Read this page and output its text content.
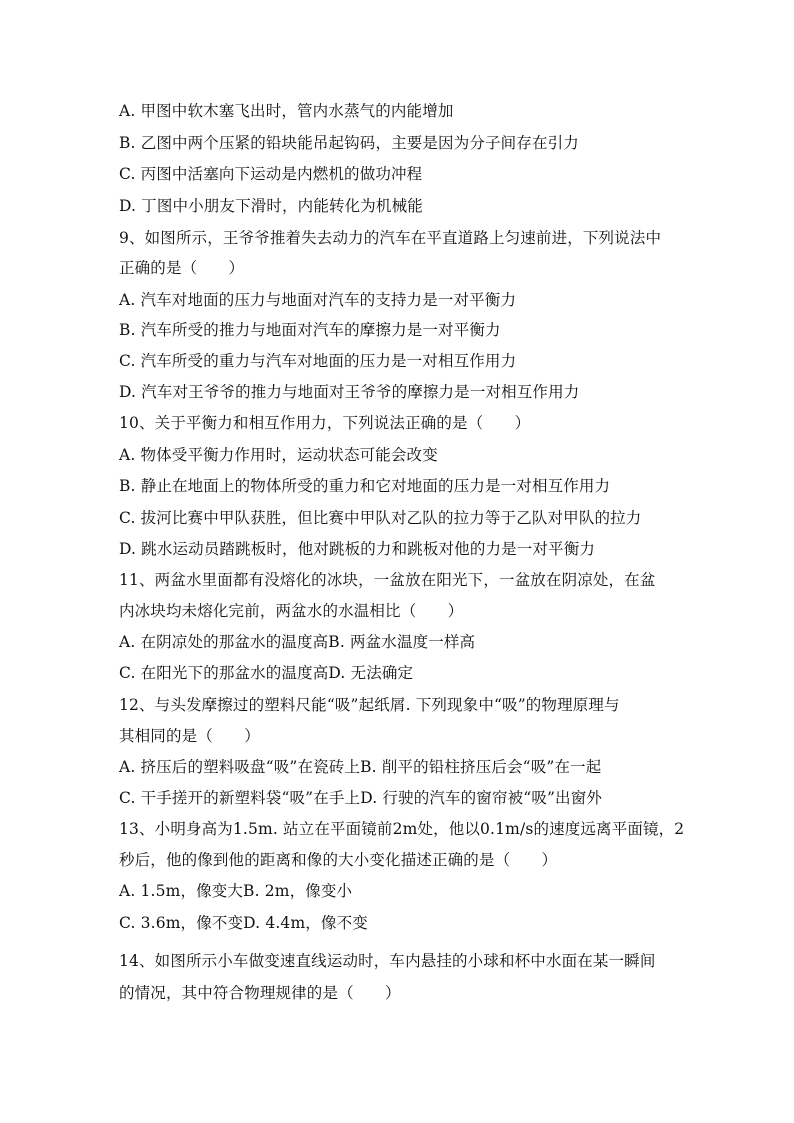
A. 甲图中软木塞飞出时，管内水蒸气的内能增加
B. 乙图中两个压紧的铅块能吊起钩码，主要是因为分子间存在引力
C. 丙图中活塞向下运动是内燃机的做功冲程
D. 丁图中小朋友下滑时，内能转化为机械能
9、如图所示，王爷爷推着失去动力的汽车在平直道路上匀速前进，下列说法中
正确的是（　　）
A. 汽车对地面的压力与地面对汽车的支持力是一对平衡力
B. 汽车所受的推力与地面对汽车的摩擦力是一对平衡力
C. 汽车所受的重力与汽车对地面的压力是一对相互作用力
D. 汽车对王爷爷的推力与地面对王爷爷的摩擦力是一对相互作用力
10、关于平衡力和相互作用力，下列说法正确的是（　　）
A. 物体受平衡力作用时，运动状态可能会改变
B. 静止在地面上的物体所受的重力和它对地面的压力是一对相互作用力
C. 拔河比赛中甲队获胜，但比赛中甲队对乙队的拉力等于乙队对甲队的拉力
D. 跳水运动员踏跳板时，他对跳板的力和跳板对他的力是一对平衡力
11、两盆水里面都有没熔化的冰块，一盆放在阳光下，一盆放在阴凉处，在盆
内冰块均未熔化完前，两盆水的水温相比（　　）
A. 在阴凉处的那盆水的温度高B. 两盆水温度一样高
C. 在阳光下的那盆水的温度高D. 无法确定
12、与头发摩擦过的塑料尺能“吸”起纸屑. 下列现象中“吸”的物理原理与
其相同的是（　　）
A. 挤压后的塑料吸盘“吸”在瓷砖上B. 削平的铅柱挤压后会“吸”在一起
C. 干手搓开的新塑料袋“吸”在手上D. 行驶的汽车的窗帘被“吸”出窗外
13、小明身高为1.5m. 站立在平面镜前2m处，他以0.1m/s的速度远离平面镜，2
秒后，他的像到他的距离和像的大小变化描述正确的是（　　）
A. 1.5m，像变大B. 2m，像变小
C. 3.6m，像不变D. 4.4m，像不变
14、如图所示小车做变速直线运动时，车内悬挂的小球和杯中水面在某一瞬间
的情况，其中符合物理规律的是（　　）
